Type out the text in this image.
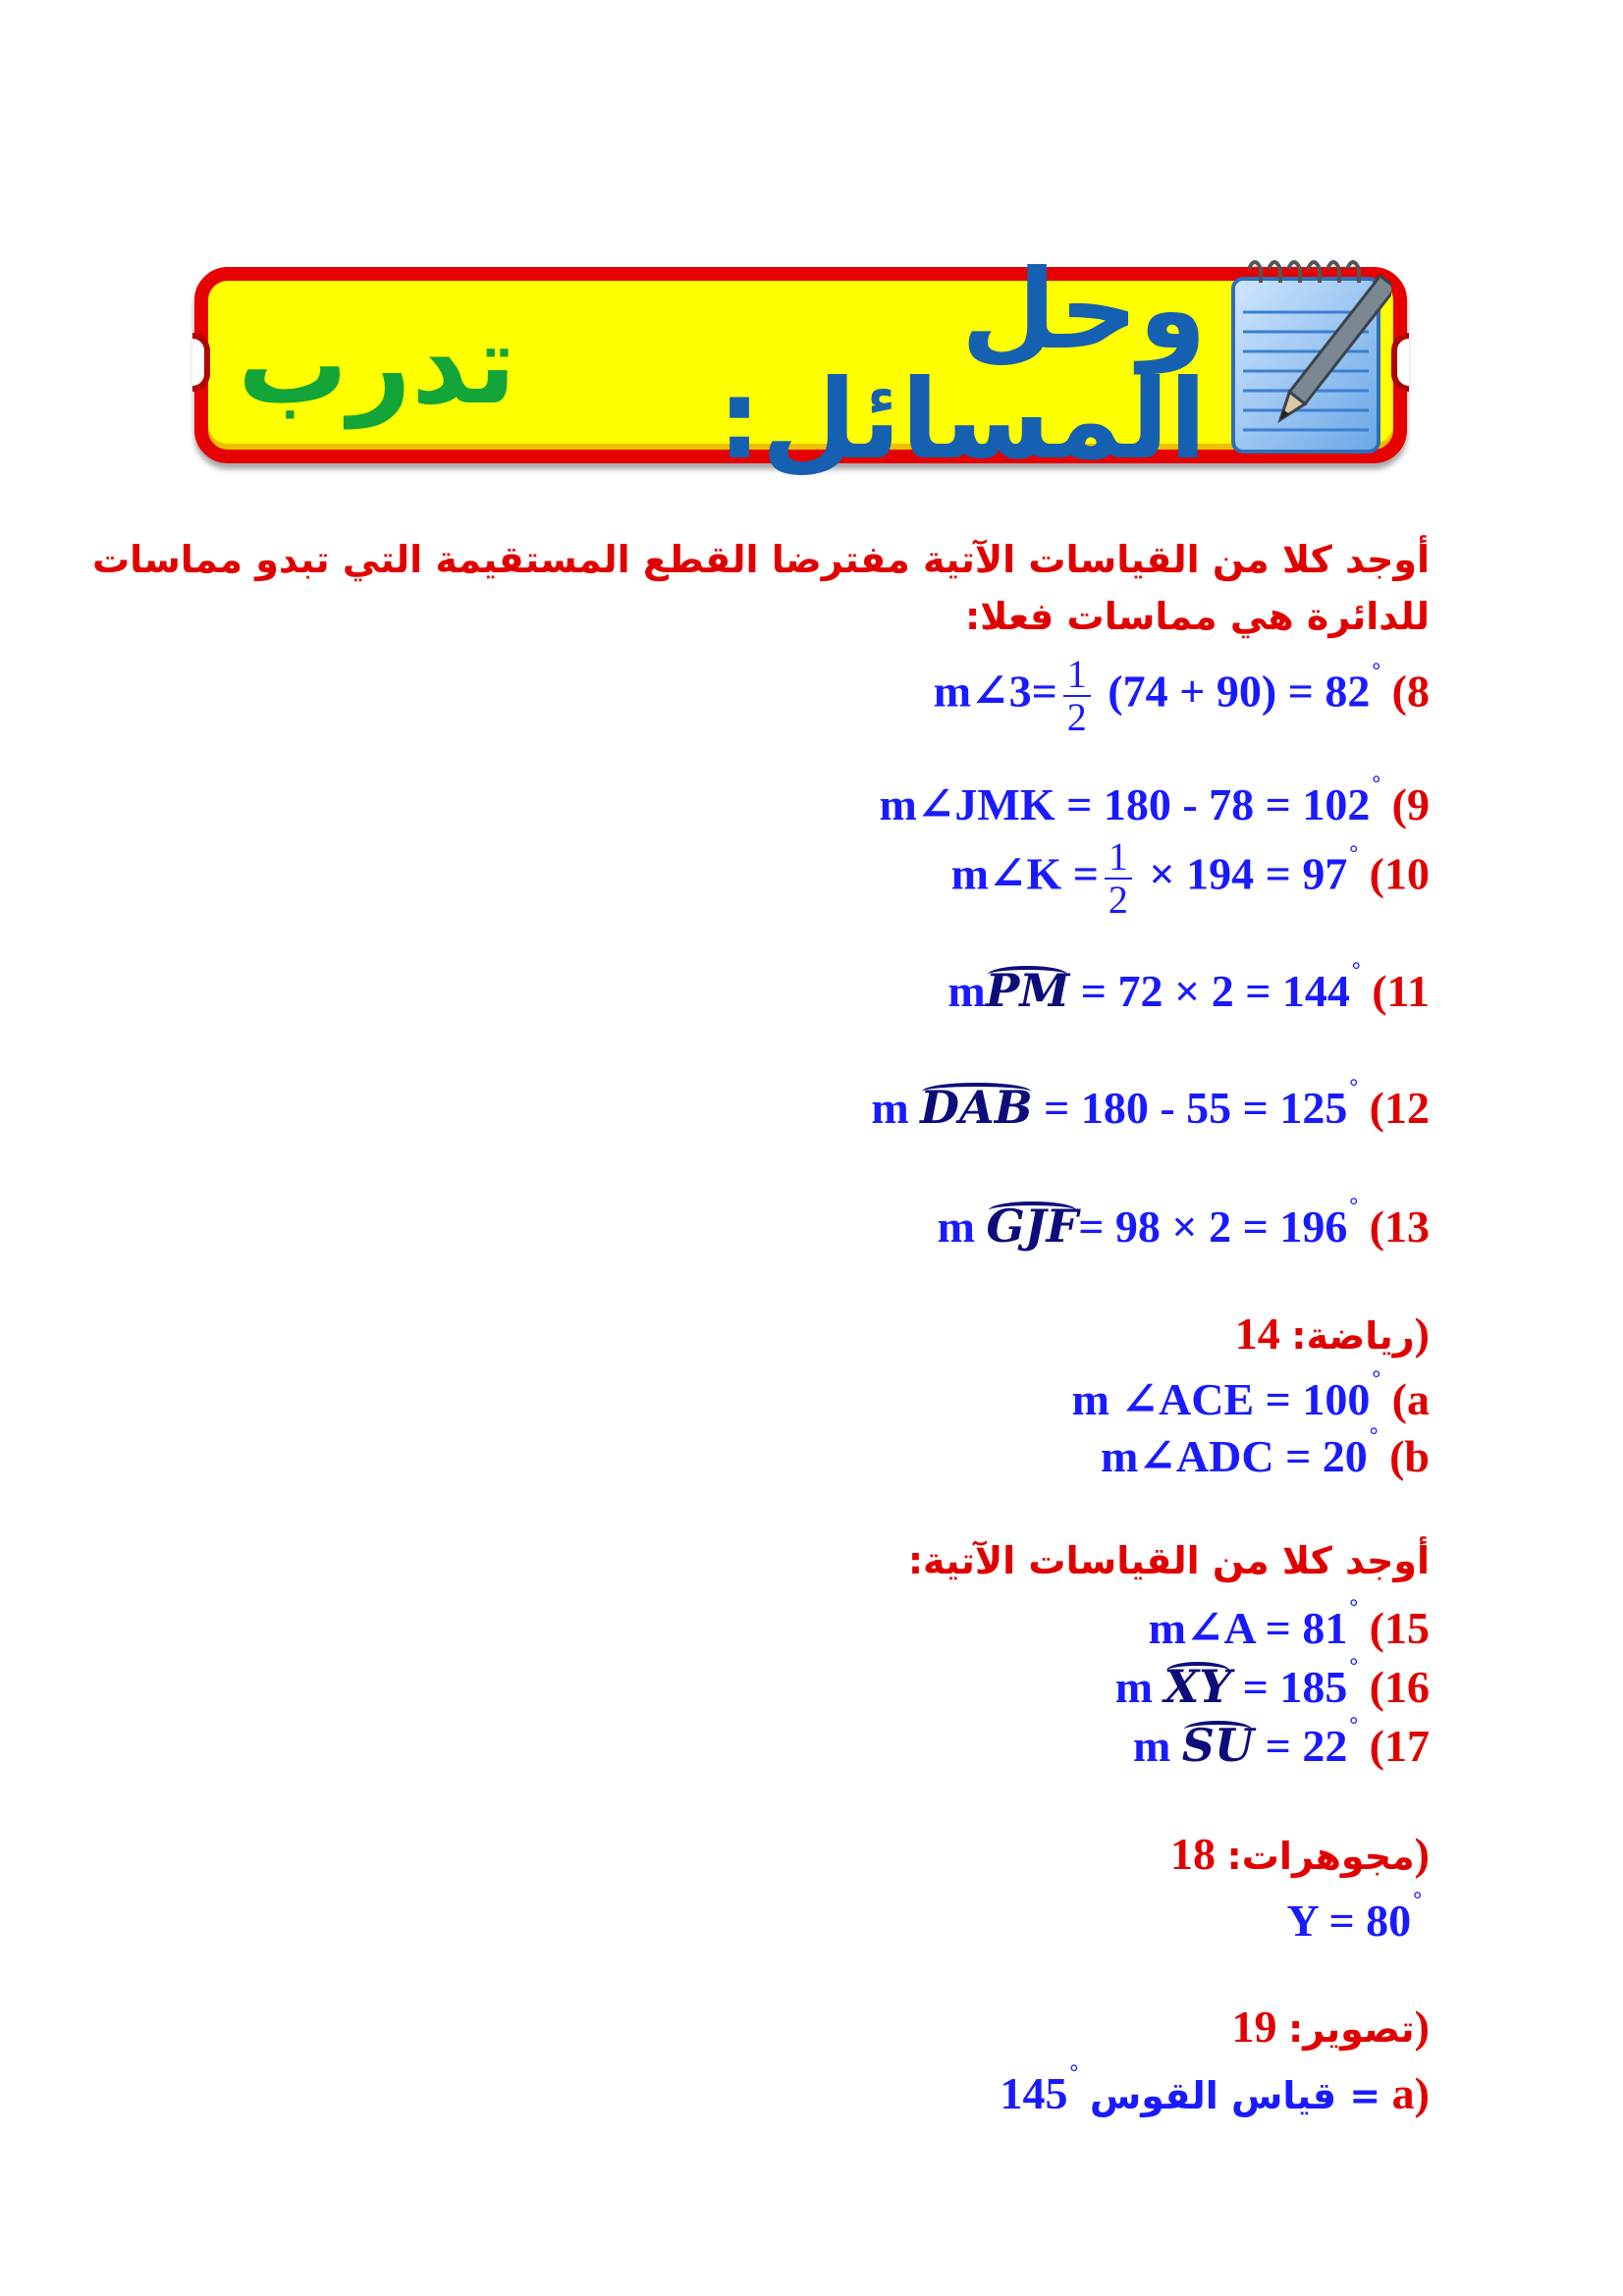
تدرب	وحل المسائل:
أوجد كلا من القياسات الآتية مفترضا القطع المستقيمة التي تبدو مماسات
للدائرة هي مماسات فعلا:
m∠3= $\frac{1}{2} (74 + 90) = 82^\circ$ (8
m∠JMK = 180 - 78 = 102° (9
m∠K = $\frac{1}{2} \times 194 = 97^\circ$ (10
mPM = 72 × 2 = 144° (11
m DAB = 180 - 55 = 125° (12
m GJF= 98 × 2 = 196° (13
رياضة: 14)
m ∠ACE = 100° (a
m∠ADC = 20° (b
أوجد كلا من القياسات الآتية:
m∠A = 81° (15
m XY = 185° (16
m SU = 22° (17
مجوهرات: 18)
Y = 80°
تصوير: 19)
145° قياس القوس = a)
